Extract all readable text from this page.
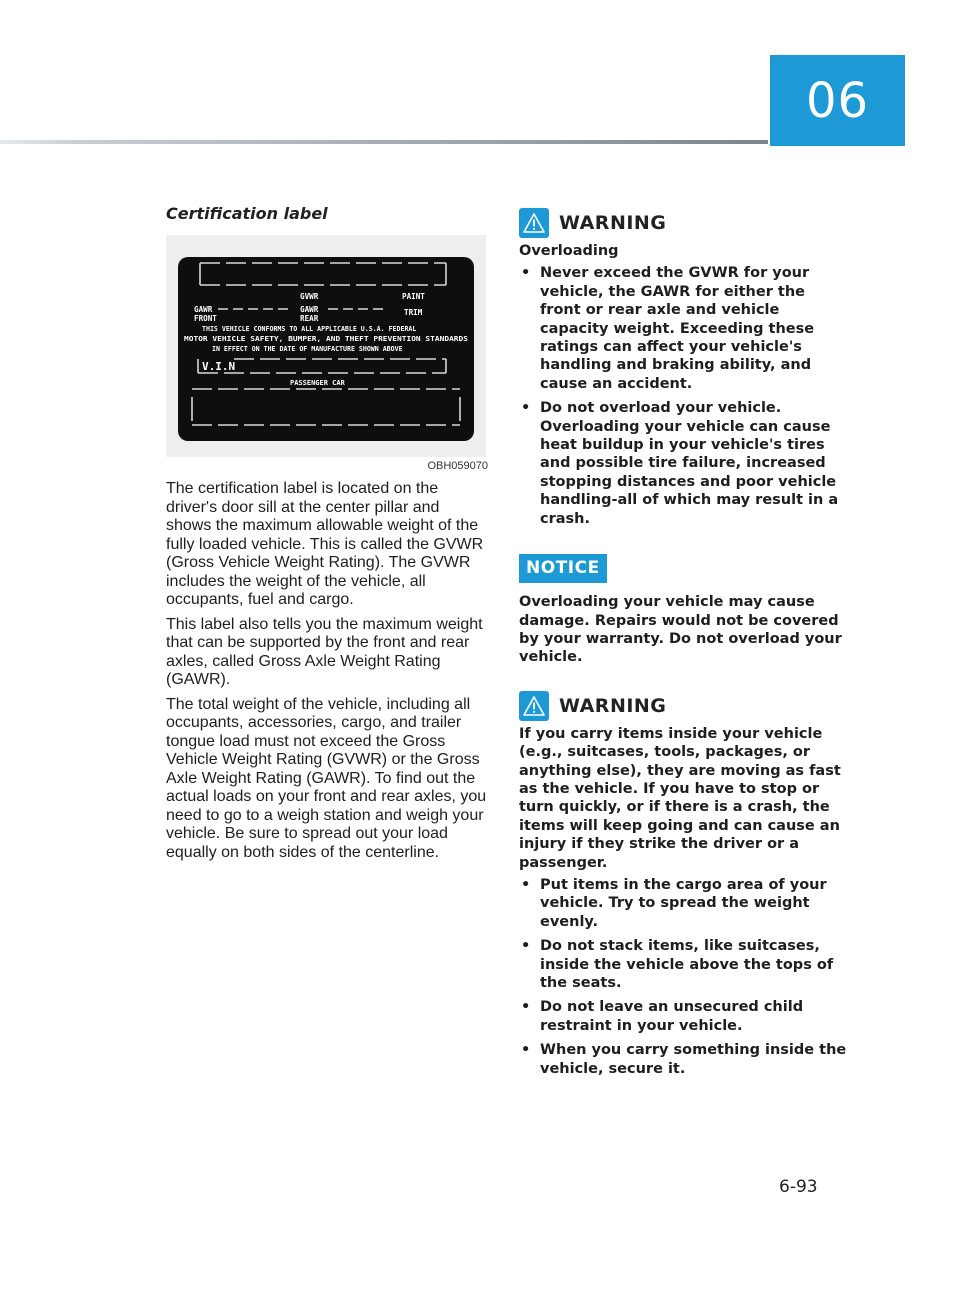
06
Certification label
GVWR	PAINT
GAWR
FRONT
GAWR
REAR
TRIM
THIS VEHICLE CONFORMS TO ALL APPLICABLE U.S.A. FEDERAL
MOTOR VEHICLE SAFETY, BUMPER, AND THEFT PREVENTION STANDARDS
IN EFFECT ON THE DATE OF MANUFACTURE SHOWN ABOVE
V.I.N
PASSENGER CAR
OBH059070

The certification label is located on the driver's door sill at the center pillar and shows the maximum allowable weight of the fully loaded vehicle. This is called the GVWR (Gross Vehicle Weight Rating). The GVWR includes the weight of the vehicle, all occupants, fuel and cargo.

This label also tells you the maximum weight that can be supported by the front and rear axles, called Gross Axle Weight Rating (GAWR).

The total weight of the vehicle, including all occupants, accessories, cargo, and trailer tongue load must not exceed the Gross Vehicle Weight Rating (GVWR) or the Gross Axle Weight Rating (GAWR). To find out the actual loads on your front and rear axles, you need to go to a weigh station and weigh your vehicle. Be sure to spread out your load equally on both sides of the centerline.

WARNING

Overloading

• Never exceed the GVWR for your vehicle, the GAWR for either the front or rear axle and vehicle capacity weight. Exceeding these ratings can affect your vehicle's handling and braking ability, and cause an accident.
• Do not overload your vehicle. Overloading your vehicle can cause heat buildup in your vehicle's tires and possible tire failure, increased stopping distances and poor vehicle handling-all of which may result in a crash.
NOTICE

Overloading your vehicle may cause damage. Repairs would not be covered by your warranty. Do not overload your vehicle.

WARNING

If you carry items inside your vehicle (e.g., suitcases, tools, packages, or anything else), they are moving as fast as the vehicle. If you have to stop or turn quickly, or if there is a crash, the items will keep going and can cause an injury if they strike the driver or a passenger.

• Put items in the cargo area of your vehicle. Try to spread the weight evenly.
• Do not stack items, like suitcases, inside the vehicle above the tops of the seats.
• Do not leave an unsecured child restraint in your vehicle.
• When you carry something inside the vehicle, secure it.
6-93
